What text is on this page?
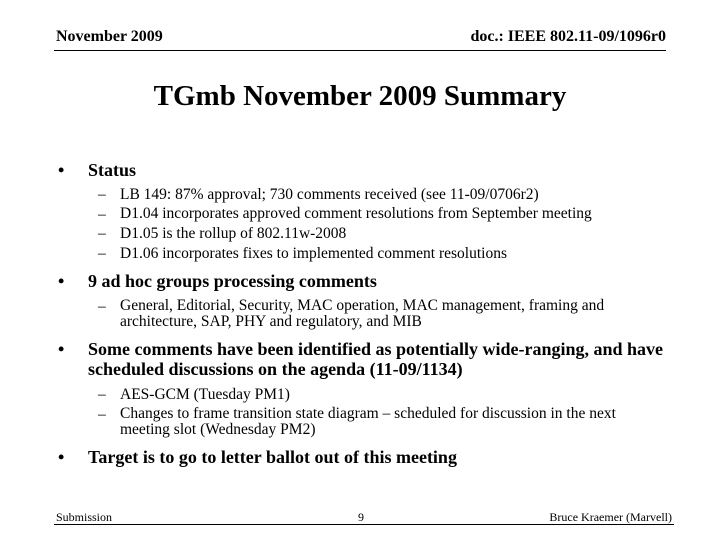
November 2009	doc.: IEEE 802.11-09/1096r0
TGmb November 2009 Summary
• Status
– LB 149: 87% approval; 730 comments received (see 11-09/0706r2)
– D1.04 incorporates approved comment resolutions from September meeting
– D1.05 is the rollup of 802.11w-2008
– D1.06 incorporates fixes to implemented comment resolutions
• 9 ad hoc groups processing comments
– General, Editorial, Security, MAC operation, MAC management, framing and architecture, SAP, PHY and regulatory, and MIB
• Some comments have been identified as potentially wide-ranging, and have scheduled discussions on the agenda (11-09/1134)
– AES-GCM (Tuesday PM1)
– Changes to frame transition state diagram – scheduled for discussion in the next meeting slot (Wednesday PM2)
• Target is to go to letter ballot out of this meeting
Submission	9	Bruce Kraemer (Marvell)
